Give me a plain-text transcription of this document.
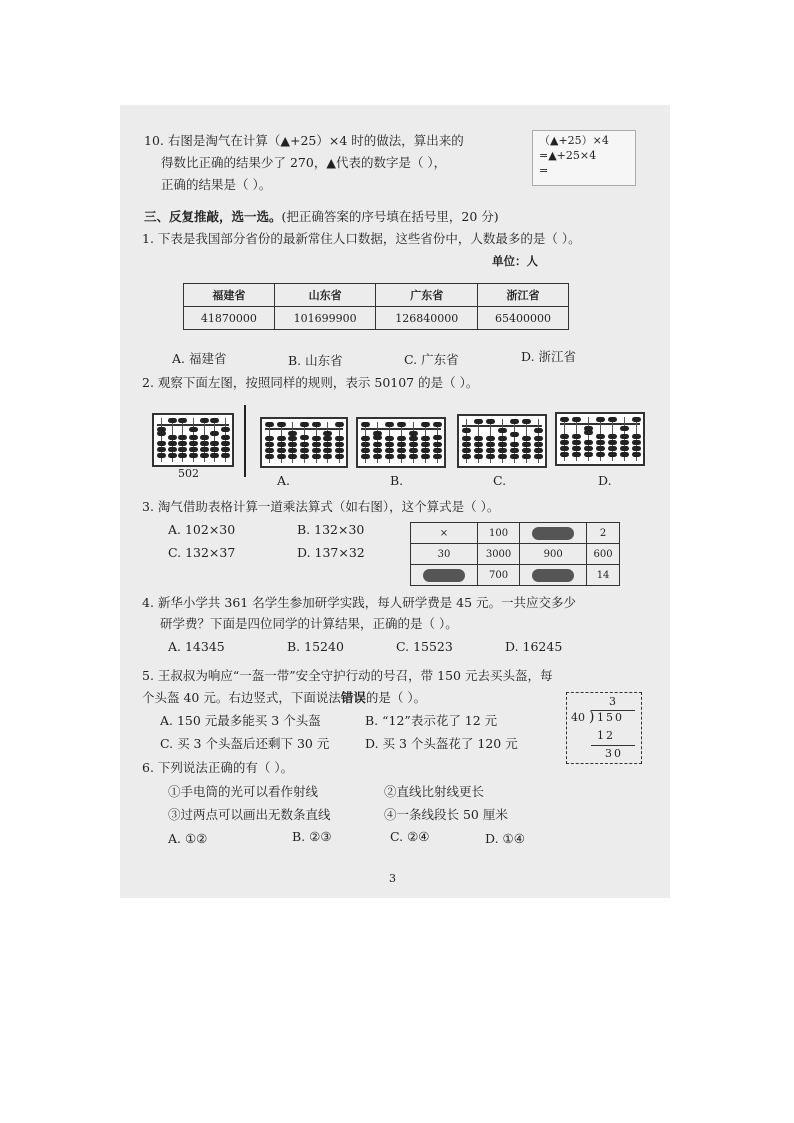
10. 右图是淘气在计算（▲+25）×4 时的做法，算出来的
得数比正确的结果少了 270，▲代表的数字是（ ），
正确的结果是（ ）。
（▲+25）×4
=▲+25×4
=
三、反复推敲，选一选。(把正确答案的序号填在括号里，20 分)
1. 下表是我国部分省份的最新常住人口数据，这些省份中，人数最多的是（ ）。
单位：人
福建省	山东省	广东省	浙江省
41870000	101699900	126840000	65400000
A. 福建省	B. 山东省	C. 广东省	D. 浙江省
2. 观察下面左图，按照同样的规则，表示 50107 的是（ ）。
502	A.	B.	C.	D.
3. 淘气借助表格计算一道乘法算式（如右图），这个算式是（ ）。
A. 102×30	B. 132×30
C. 132×37	D. 137×32
×	100		2
30	3000	900	600
	700		14
4. 新华小学共 361 名学生参加研学实践，每人研学费是 45 元。一共应交多少
研学费？下面是四位同学的计算结果，正确的是（ ）。
A. 14345	B. 15240	C. 15523	D. 16245
5. 王叔叔为响应“一盔一带”安全守护行动的号召，带 150 元去买头盔，每
个头盔 40 元。右边竖式，下面说法错误的是（ ）。
A. 150 元最多能买 3 个头盔	B. “12”表示花了 12 元
C. 买 3 个头盔后还剩下 30 元	D. 买 3 个头盔花了 120 元
3
40 ) 150
12
30
6. 下列说法正确的有（ ）。
①手电筒的光可以看作射线	②直线比射线更长
③过两点可以画出无数条直线	④一条线段长 50 厘米
A. ①②	B. ②③	C. ②④	D. ①④
3
